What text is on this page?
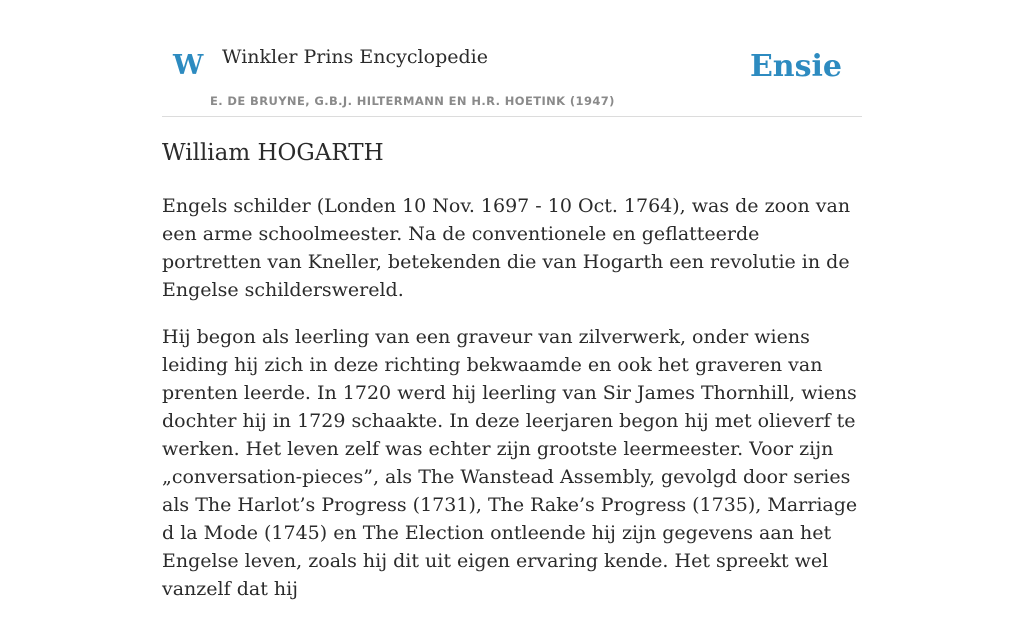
W Winkler Prins Encyclopedie
E. DE BRUYNE, G.B.J. HILTERMANN EN H.R. HOETINK (1947)
Ensie
William HOGARTH

Engels schilder (Londen 10 Nov. 1697 - 10 Oct. 1764), was de zoon van een arme schoolmeester. Na de conventionele en geflatteerde portretten van Kneller, betekenden die van Hogarth een revolutie in de Engelse schilderswereld.

Hij begon als leerling van een graveur van zilverwerk, onder wiens leiding hij zich in deze richting bekwaamde en ook het graveren van prenten leerde. In 1720 werd hij leerling van Sir James Thornhill, wiens dochter hij in 1729 schaakte. In deze leerjaren begon hij met olieverf te werken. Het leven zelf was echter zijn grootste leermeester. Voor zijn „conversation-pieces”, als The Wanstead Assembly, gevolgd door series als The Harlot’s Progress (1731), The Rake’s Progress (1735), Marriage d la Mode (1745) en The Election ontleende hij zijn gegevens aan het Engelse leven, zoals hij dit uit eigen ervaring kende. Het spreekt wel vanzelf dat hij
